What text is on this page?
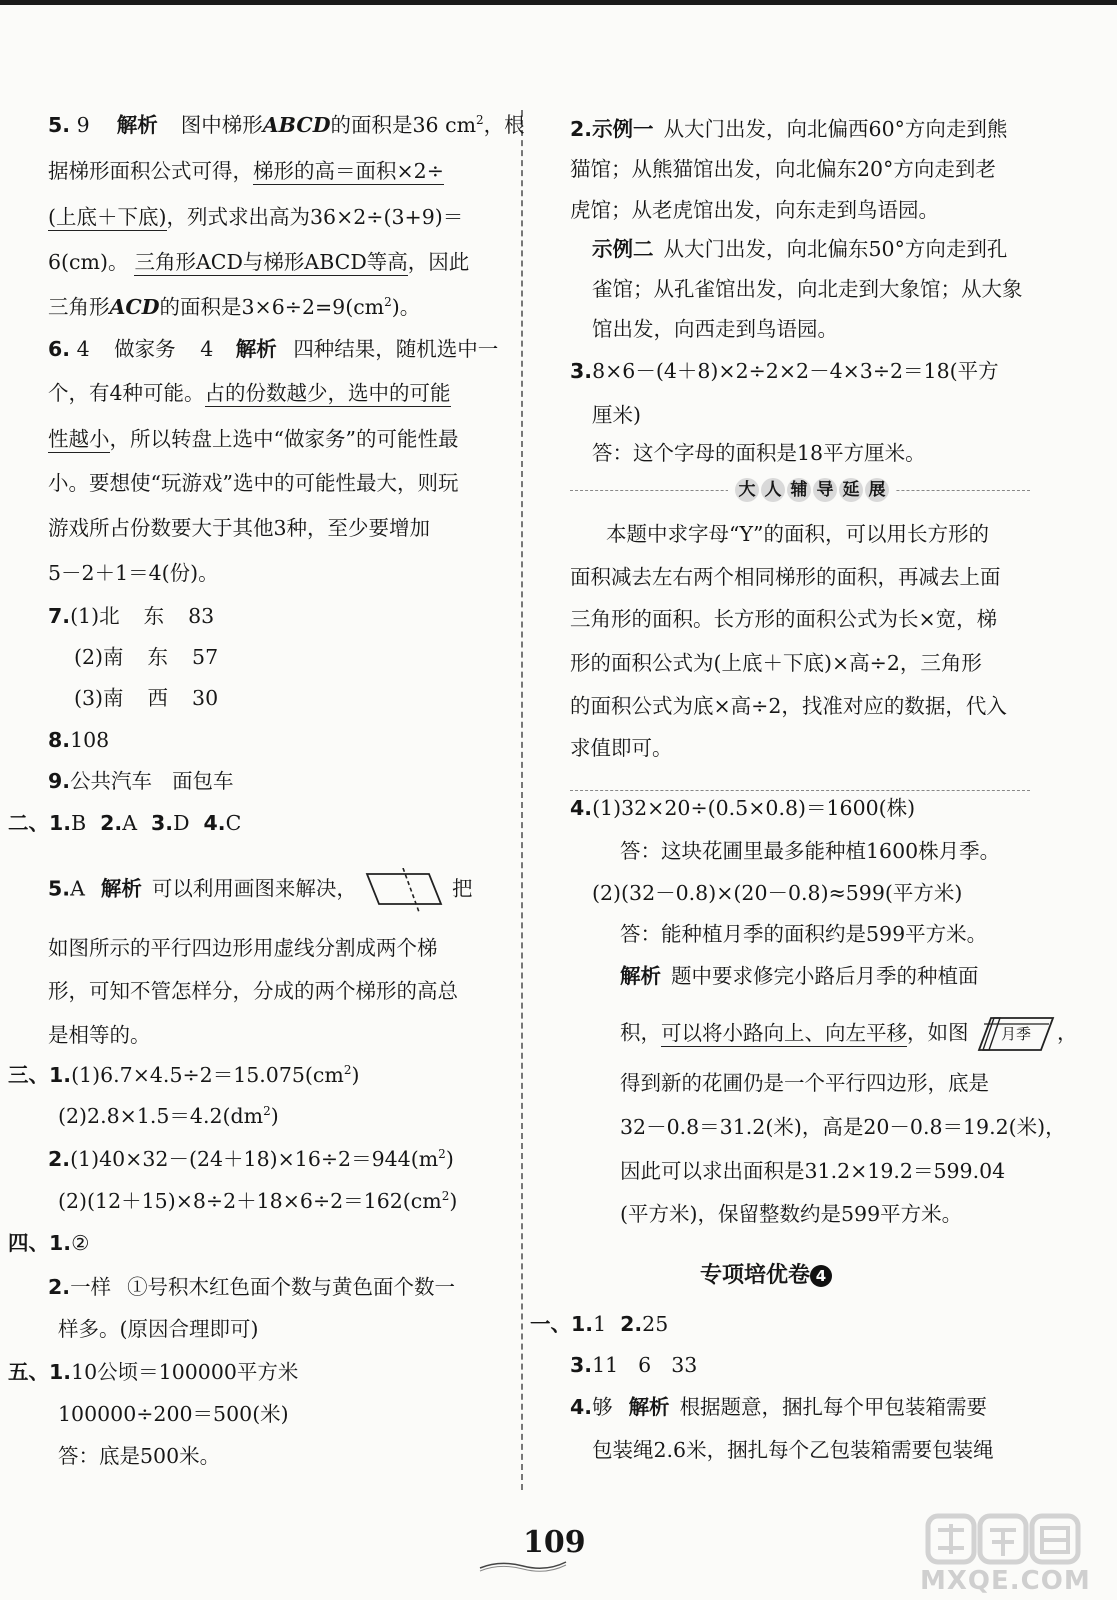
5. 9 解析 图中梯形ABCD的面积是36 $cm^2$，根
据梯形面积公式可得，梯形的高＝面积×2÷
(上底＋下底)，列式求出高为36×2÷(3+9)＝
6(cm)。 三角形ACD与梯形ABCD等高，因此
三角形ACD的面积是$3\times 6\div 2=9(cm^2)$。
6. 4 做家务 4 解析 四种结果，随机选中一
个，有4种可能。占的份数越少，选中的可能
性越小，所以转盘上选中“做家务”的可能性最
小。要想使“玩游戏”选中的可能性最大，则玩
游戏所占份数要大于其他3种，至少要增加
5－2＋1＝4(份)。
7.(1)北 东 83
(2)南 东 57
(3)南 西 30
8.108
9.公共汽车 面包车
二、1.B 2.A 3.D 4.C
5.A 解析 可以利用画图来解决，	把
如图所示的平行四边形用虚线分割成两个梯
形，可知不管怎样分，分成的两个梯形的高总
是相等的。
三、$1.(1)6.7\times 4.5\div 2=15.075(cm^2)$
$(2)2.8\times 1.5=4.2(dm^2)$
$2.(1)40\times 32-(24+18)\times 16\div 2=944(m^2)$
$(2)(12+15)\times 8\div 2+18\times 6\div 2=162(cm^2)$
四、1.②
2.一样 ①号积木红色面个数与黄色面个数一
样多。(原因合理即可)
五、1.10公顷＝100000平方米
100000÷200＝500(米)
答：底是500米。
2.示例一 从大门出发，向北偏西60°方向走到熊
猫馆；从熊猫馆出发，向北偏东20°方向走到老
虎馆；从老虎馆出发，向东走到鸟语园。
示例二 从大门出发，向北偏东50°方向走到孔
雀馆；从孔雀馆出发，向北走到大象馆；从大象
馆出发，向西走到鸟语园。
3.8×6－(4＋8)×2÷2×2－4×3÷2＝18(平方
厘米)
答：这个字母的面积是18平方厘米。
大 人 辅 导 延 展
本题中求字母“Y”的面积，可以用长方形的
面积减去左右两个相同梯形的面积，再减去上面
三角形的面积。长方形的面积公式为长×宽，梯
形的面积公式为(上底＋下底)×高÷2，三角形
的面积公式为底×高÷2，找准对应的数据，代入
求值即可。
4.(1)32×20÷(0.5×0.8)＝1600(株)
答：这块花圃里最多能种植1600株月季。
(2)(32－0.8)×(20－0.8)≈599(平方米)
答：能种植月季的面积约是599平方米。
解析 题中要求修完小路后月季的种植面
积，可以将小路向上、向左平移，如图 月季 ，
得到新的花圃仍是一个平行四边形，底是
32－0.8＝31.2(米)，高是20－0.8＝19.2(米)，
因此可以求出面积是31.2×19.2＝599.04
(平方米)，保留整数约是599平方米。
专项培优卷 4
一、1.1 2.25
3.11 6 33
4.够 解析 根据题意，捆扎每个甲包装箱需要
包装绳2.6米，捆扎每个乙包装箱需要包装绳
109
MXQE.COM
